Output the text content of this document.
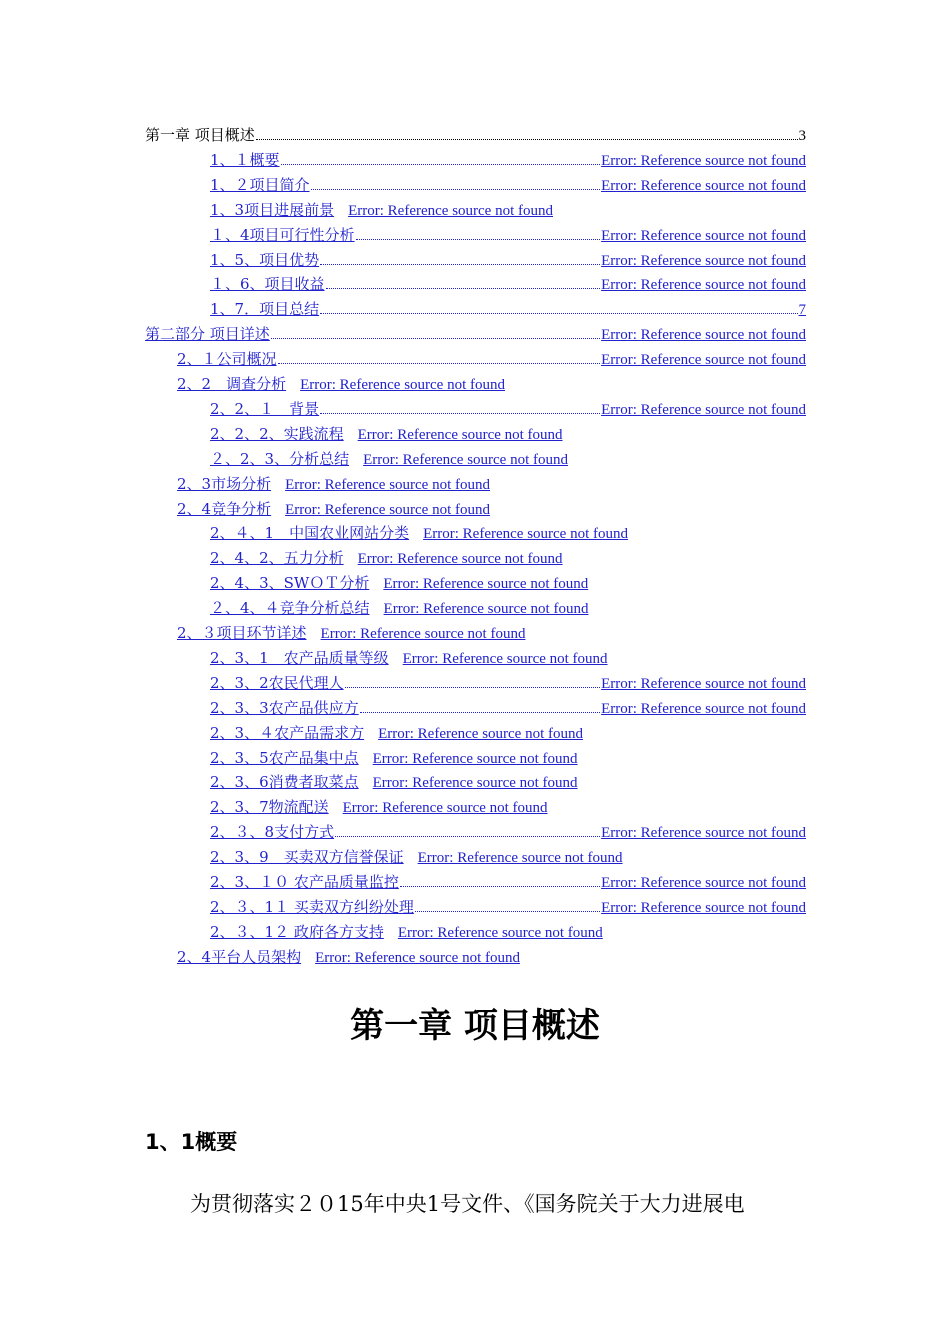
第一章 项目概述	3
1、１概要	Error: Reference source not found
1、２项目简介	Error: Reference source not found
1、3项目进展前景 Error: Reference source not found
１、4项目可行性分析	Error: Reference source not found
1、5、项目优势	Error: Reference source not found
１、6、项目收益	Error: Reference source not found
1、7．项目总结	7
第二部分 项目详述	Error: Reference source not found
2、１公司概况	Error: Reference source not found
2、2　调查分析 Error: Reference source not found
2、2、１　背景	Error: Reference source not found
2、2、2、实践流程 Error: Reference source not found
２、2、3、分析总结 Error: Reference source not found
2、3市场分析 Error: Reference source not found
2、4竞争分析 Error: Reference source not found
2、４、1　中国农业网站分类 Error: Reference source not found
2、4、2、五力分析 Error: Reference source not found
2、4、3、SWＯＴ分析 Error: Reference source not found
２、4、４竞争分析总结 Error: Reference source not found
2、３项目环节详述 Error: Reference source not found
2、3、1　农产品质量等级 Error: Reference source not found
2、3、2农民代理人	Error: Reference source not found
2、3、3农产品供应方	Error: Reference source not found
2、3、４农产品需求方 Error: Reference source not found
2、3、5农产品集中点 Error: Reference source not found
2、3、6消费者取菜点 Error: Reference source not found
2、3、7物流配送 Error: Reference source not found
2、３、8支付方式	Error: Reference source not found
2、3、9　买卖双方信誉保证 Error: Reference source not found
2、3、１０ 农产品质量监控	Error: Reference source not found
2、３、1１ 买卖双方纠纷处理	Error: Reference source not found
2、３、1２ 政府各方支持 Error: Reference source not found
2、4平台人员架构 Error: Reference source not found
第一章 项目概述
1、1概要
为贯彻落实２０15年中央1号文件、《国务院关于大力进展电
